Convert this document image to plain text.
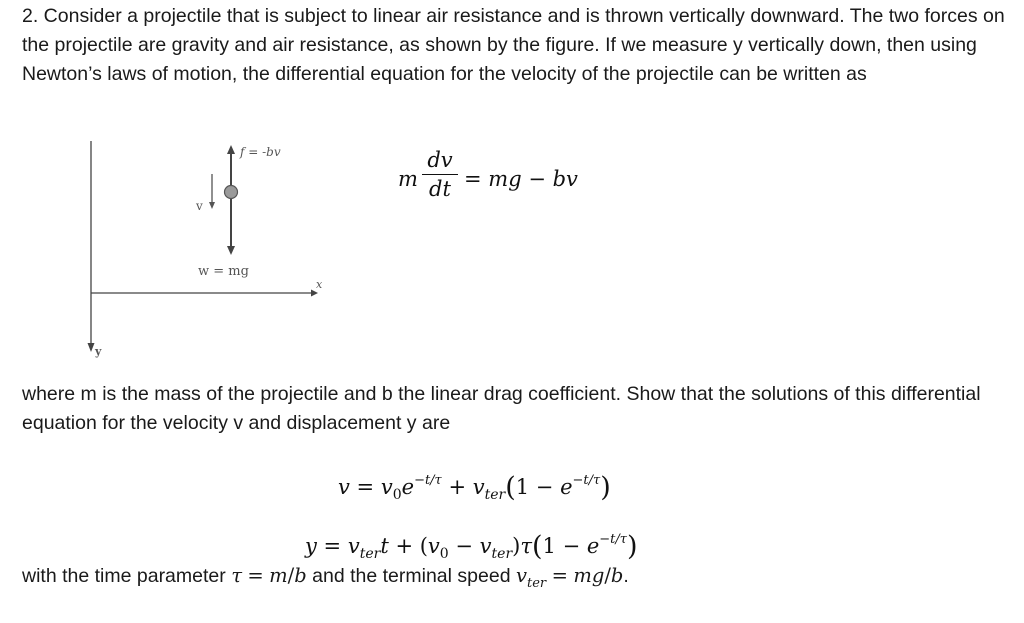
2. Consider a projectile that is subject to linear air resistance and is thrown vertically downward. The two forces on the projectile are gravity and air resistance, as shown by the figure. If we measure y vertically down, then using Newton’s laws of motion, the differential equation for the velocity of the projectile can be written as

f = -bv
v
w = mg
x
y
m
dv
dt = mg − bv

where m is the mass of the projectile and b the linear drag coefficient. Show that the solutions of this differential equation for the velocity v and displacement y are

$v = v_0e^{-t/\tau} + v_{ter}(1 - e^{-t/\tau})$
$y = v_{ter}t + (v_0 - v_{ter})\tau(1 - e^{-t/\tau})$

with the time parameter τ = m/b and the terminal speed $v_{ter} = mg/b$.
